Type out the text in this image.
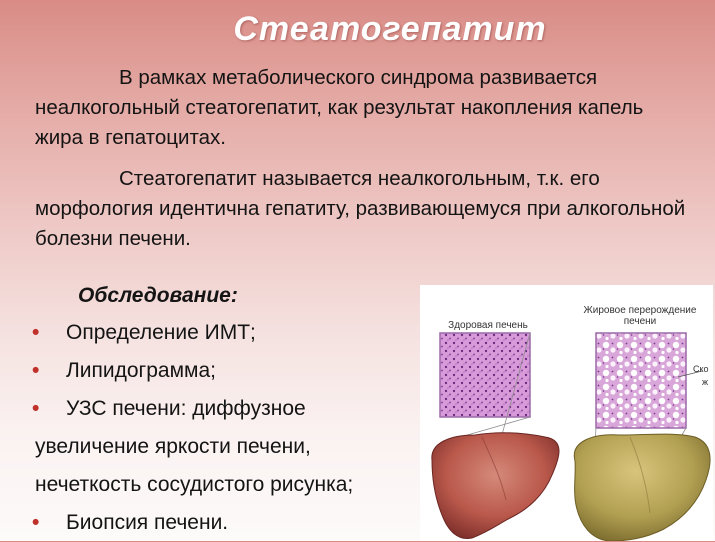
Стеатогепатит

В рамках метаболического синдрома развивается неалкогольный стеатогепатит, как результат накопления капель жира в гепатоцитах.

Стеатогепатит называется неалкогольным, т.к. его морфология идентична гепатиту, развивающемуся при алкогольной болезни печени.

Обследование:
• Определение ИМТ;
• Липидограмма;
• УЗС печени: диффузное
увеличение яркости печени,
нечеткость сосудистого рисунка;
• Биопсия печени.
Здоровая печень
Жировое перерождение
печени
Ско
ж
